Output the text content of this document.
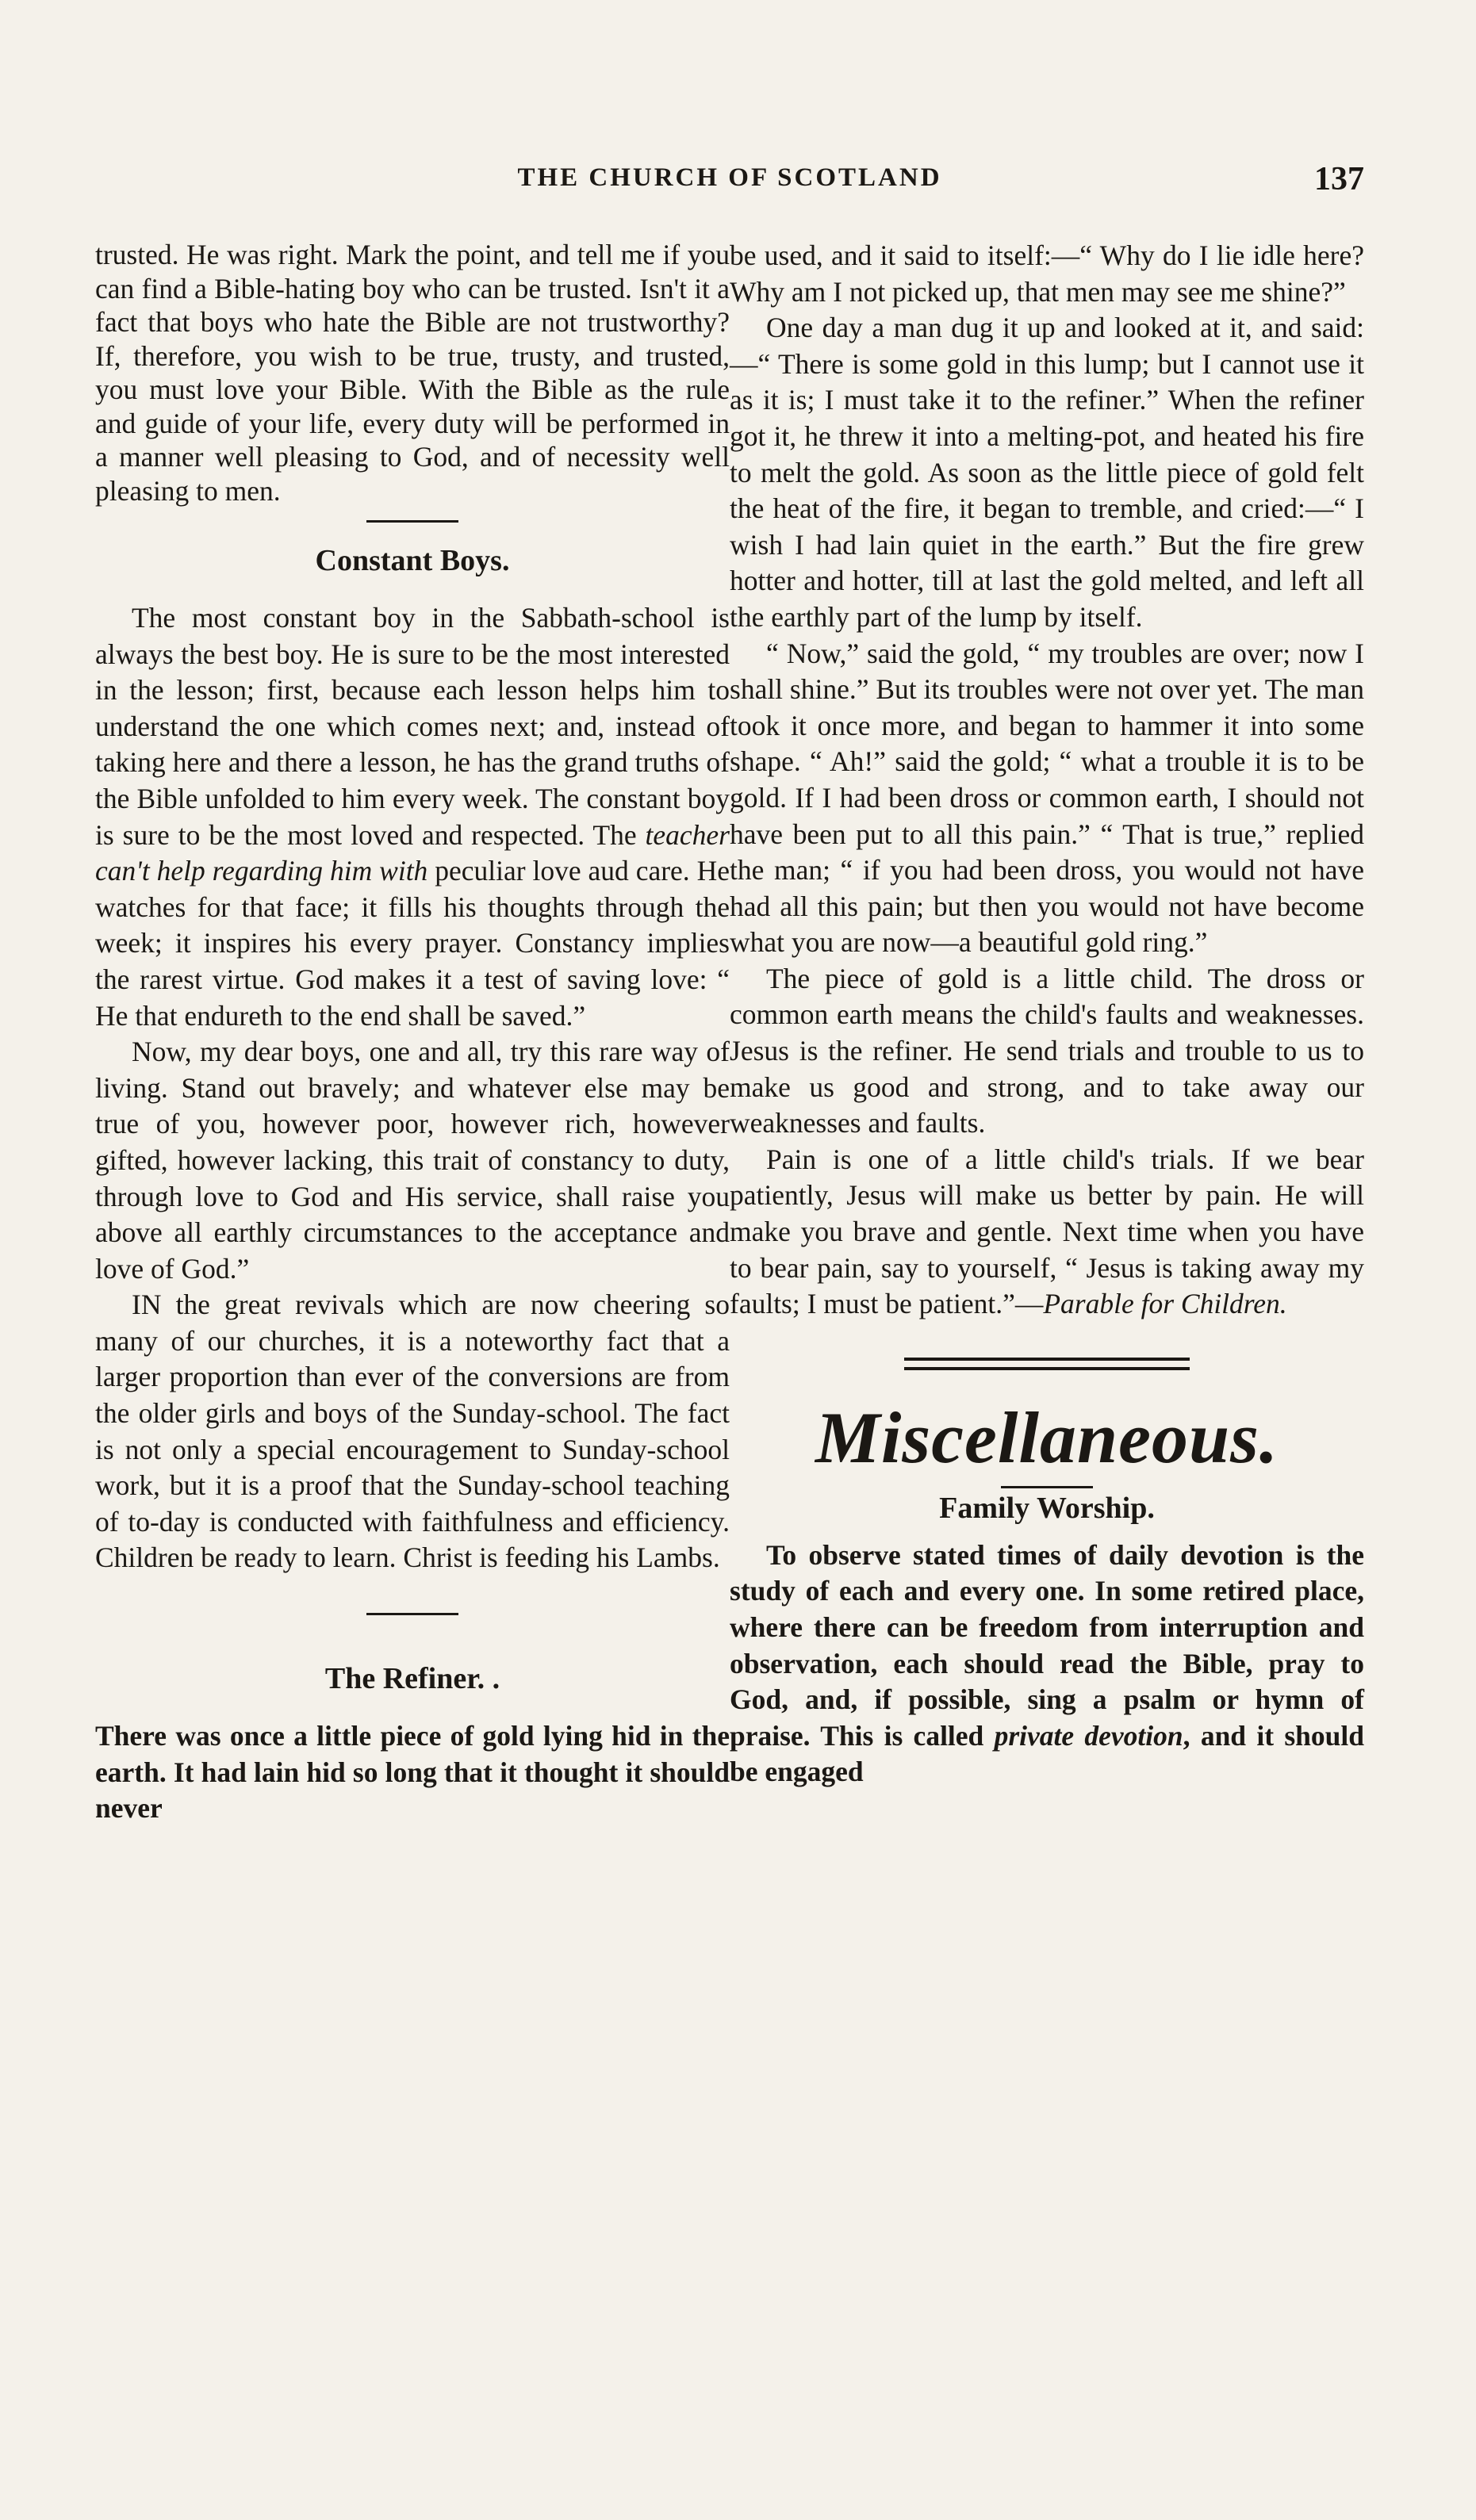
THE CHURCH OF SCOTLAND	137

trusted. He was right. Mark the point, and tell me if you can find a Bible-hating boy who can be trusted. Isn't it a fact that boys who hate the Bible are not trustworthy? If, therefore, you wish to be true, trusty, and trusted, you must love your Bible. With the Bible as the rule and guide of your life, every duty will be performed in a manner well pleasing to God, and of necessity well pleasing to men.

Constant Boys.

The most constant boy in the Sabbath-school is always the best boy. He is sure to be the most interested in the lesson; first, because each lesson helps him to understand the one which comes next; and, instead of taking here and there a lesson, he has the grand truths of the Bible unfolded to him every week. The constant boy is sure to be the most loved and respected. The teacher can't help regarding him with peculiar love aud care. He watches for that face; it fills his thoughts through the week; it inspires his every prayer. Constancy implies the rarest virtue. God makes it a test of saving love: “ He that endureth to the end shall be saved.”

Now, my dear boys, one and all, try this rare way of living. Stand out bravely; and whatever else may be true of you, however poor, however rich, however gifted, however lacking, this trait of constancy to duty, through love to God and His service, shall raise you above all earthly circumstances to the acceptance and love of God.”

IN the great revivals which are now cheering so many of our churches, it is a noteworthy fact that a larger proportion than ever of the conversions are from the older girls and boys of the Sunday-school. The fact is not only a special encouragement to Sunday-school work, but it is a proof that the Sunday-school teaching of to-day is conducted with faithfulness and efficiency. Children be ready to learn. Christ is feeding his Lambs.

The Refiner. .

There was once a little piece of gold lying hid in the earth. It had lain hid so long that it thought it should never

be used, and it said to itself:—“ Why do I lie idle here? Why am I not picked up, that men may see me shine?”

One day a man dug it up and looked at it, and said:—“ There is some gold in this lump; but I cannot use it as it is; I must take it to the refiner.” When the refiner got it, he threw it into a melting-pot, and heated his fire to melt the gold. As soon as the little piece of gold felt the heat of the fire, it began to tremble, and cried:—“ I wish I had lain quiet in the earth.” But the fire grew hotter and hotter, till at last the gold melted, and left all the earthly part of the lump by itself.

“ Now,” said the gold, “ my troubles are over; now I shall shine.” But its troubles were not over yet. The man took it once more, and began to hammer it into some shape. “ Ah!” said the gold; “ what a trouble it is to be gold. If I had been dross or common earth, I should not have been put to all this pain.” “ That is true,” replied the man; “ if you had been dross, you would not have had all this pain; but then you would not have become what you are now—a beautiful gold ring.”

The piece of gold is a little child. The dross or common earth means the child's faults and weaknesses. Jesus is the refiner. He send trials and trouble to us to make us good and strong, and to take away our weaknesses and faults.

Pain is one of a little child's trials. If we bear patiently, Jesus will make us better by pain. He will make you brave and gentle. Next time when you have to bear pain, say to yourself, “ Jesus is taking away my faults; I must be patient.”—Parable for Children.

Miscellaneous.
Family Worship.

To observe stated times of daily devotion is the study of each and every one. In some retired place, where there can be freedom from interruption and observation, each should read the Bible, pray to God, and, if possible, sing a psalm or hymn of praise. This is called private devotion, and it should be engaged
